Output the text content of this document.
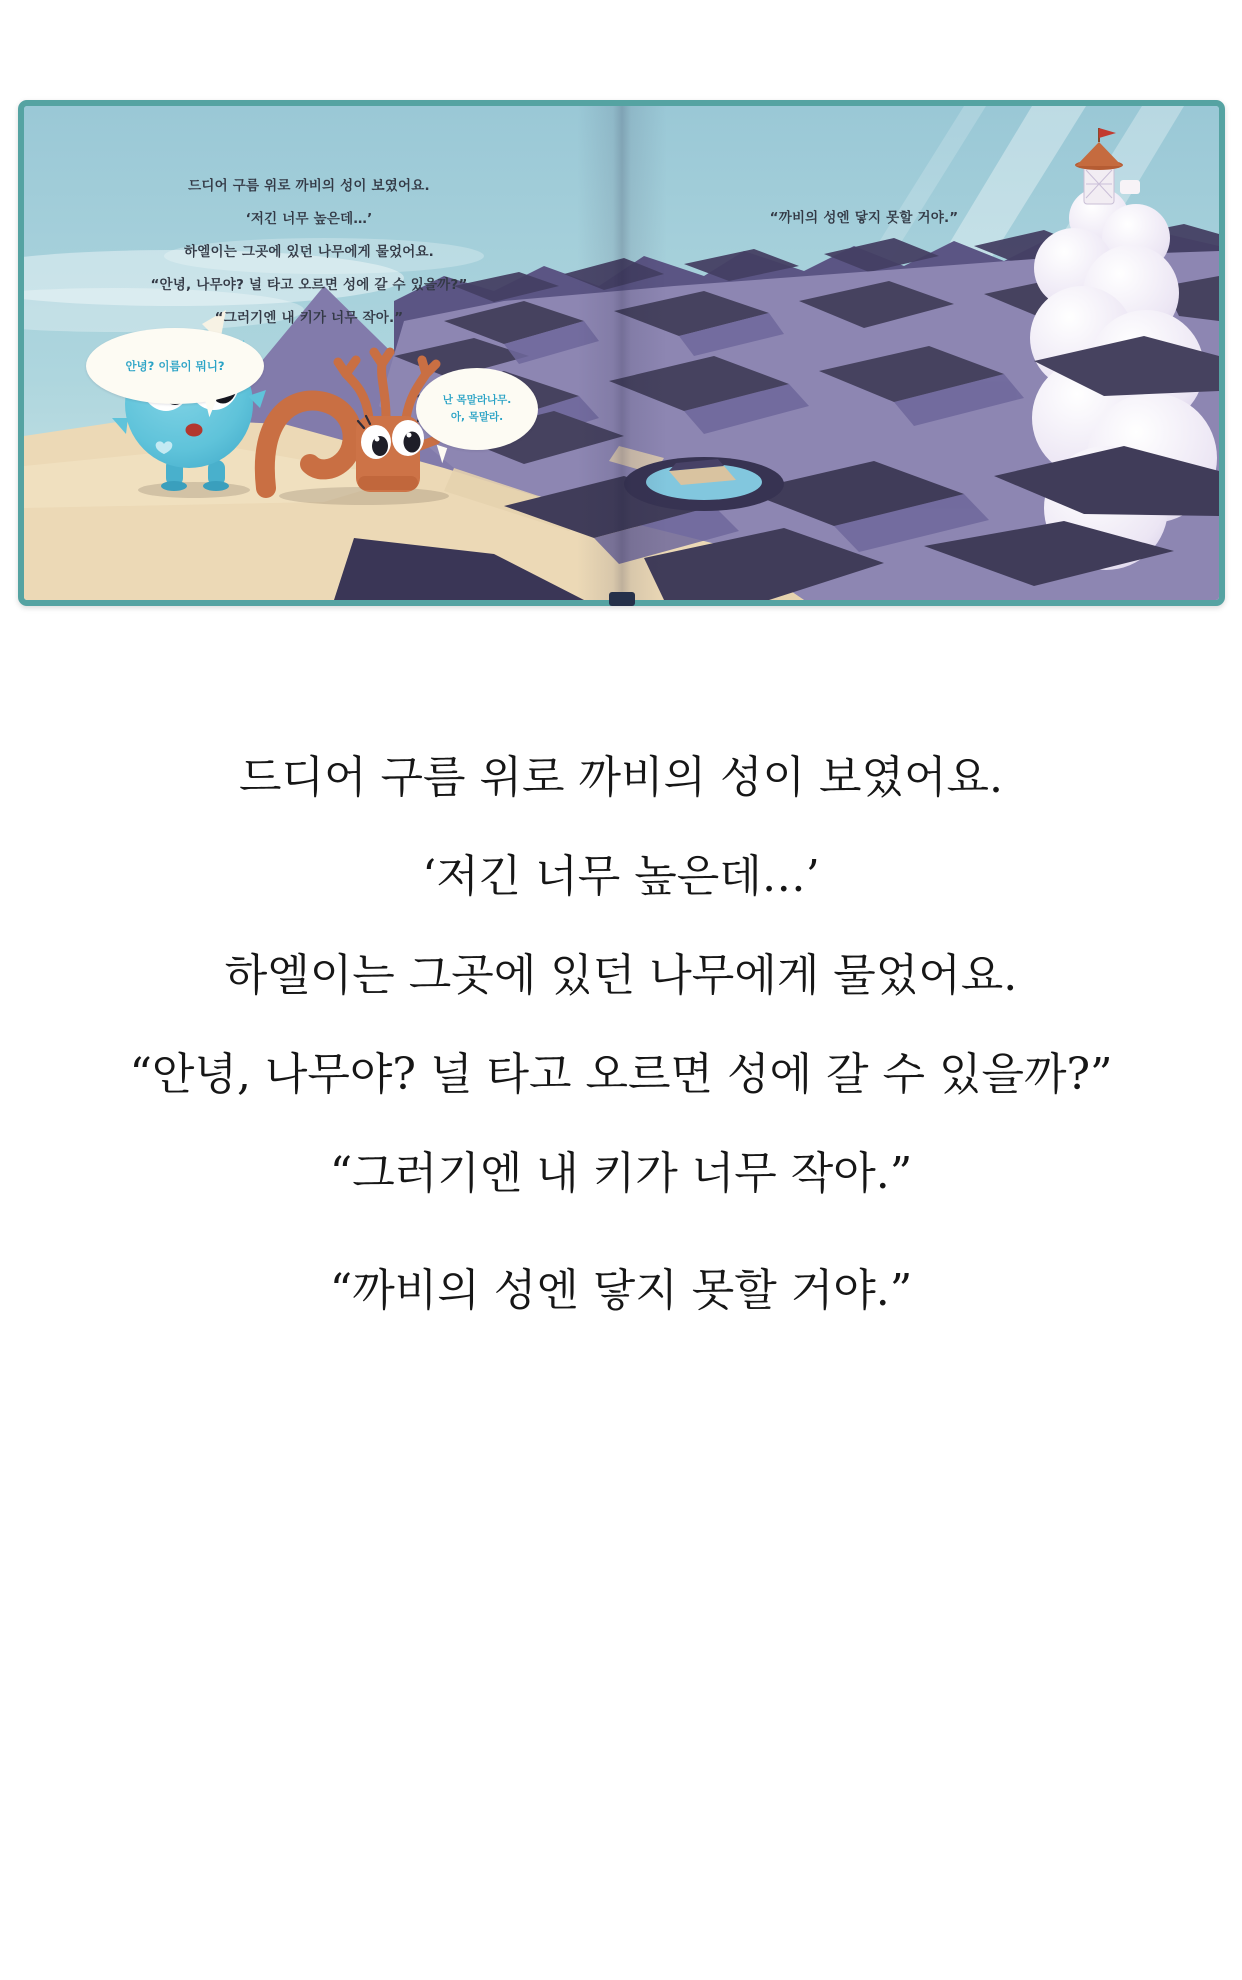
드디어 구름 위로 까비의 성이 보였어요.
‘저긴 너무 높은데…’
하엘이는 그곳에 있던 나무에게 물었어요.
“안녕, 나무야? 널 타고 오르면 성에 갈 수 있을까?”
“그러기엔 내 키가 너무 작아.”
“까비의 성엔 닿지 못할 거야.”
안녕? 이름이 뭐니?
난 목말라나무.
아, 목말라.
드디어 구름 위로 까비의 성이 보였어요.
‘저긴 너무 높은데…’
하엘이는 그곳에 있던 나무에게 물었어요.
“안녕, 나무야? 널 타고 오르면 성에 갈 수 있을까?”
“그러기엔 내 키가 너무 작아.”
“까비의 성엔 닿지 못할 거야.”
